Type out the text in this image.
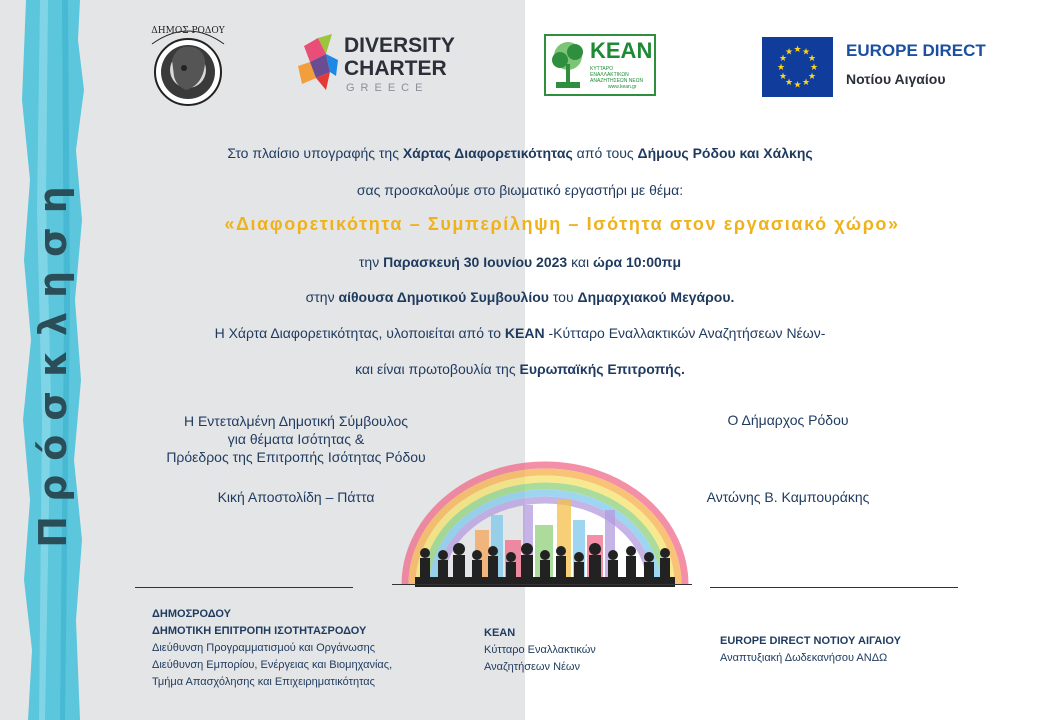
Πρόσκληση
ΔΗΜΟΣ ΡΟΔΟΥ
DIVERSITY
CHARTER
GREECE
ΚΕΑΝ
ΚΥΤΤΑΡΟ ΕΝΑΛΛΑΚΤΙΚΩΝ ΑΝΑΖΗΤΗΣΕΩΝ ΝΕΩΝ
www.kean.gr
★ ★
★
★
★
★
★
★
★
★
★
★	EUROPE DIRECT
Νοτίου Αιγαίου
Στο πλαίσιο υπογραφής της Χάρτας Διαφορετικότητας από τους Δήμους Ρόδου και Χάλκης
σας προσκαλούμε στο βιωματικό εργαστήρι με θέμα:
«Διαφορετικότητα – Συμπερίληψη – Ισότητα στον εργασιακό χώρο»
την Παρασκευή 30 Ιουνίου 2023 και ώρα 10:00πμ
στην αίθουσα Δημοτικού Συμβουλίου του Δημαρχιακού Μεγάρου.
Η Χάρτα Διαφορετικότητας, υλοποιείται από το ΚΕΑΝ -Κύτταρο Εναλλακτικών Αναζητήσεων Νέων-
και είναι πρωτοβουλία της Ευρωπαϊκής Επιτροπής.
Η Εντεταλμένη Δημοτική Σύμβουλος
για θέματα Ισότητας &
Πρόεδρος της Επιτροπής Ισότητας Ρόδου
Κική Αποστολίδη – Πάττα
Ο Δήμαρχος Ρόδου
Αντώνης Β. Καμπουράκης
ΔΗΜΟΣΡΟΔΟΥ
ΔΗΜΟΤΙΚΗ ΕΠΙΤΡΟΠΗ ΙΣΟΤΗΤΑΣΡΟΔΟΥ
Διεύθυνση Προγραμματισμού και Οργάνωσης
Διεύθυνση Εμπορίου, Ενέργειας και Βιομηχανίας,
Τμήμα Απασχόλησης και Επιχειρηματικότητας
ΚΕΑΝ
Κύτταρο Εναλλακτικών
Αναζητήσεων Νέων
EUROPE DIRECT ΝΟΤΙΟΥ ΑΙΓΑΙΟΥ
Αναπτυξιακή Δωδεκανήσου ΑΝΔΩ
